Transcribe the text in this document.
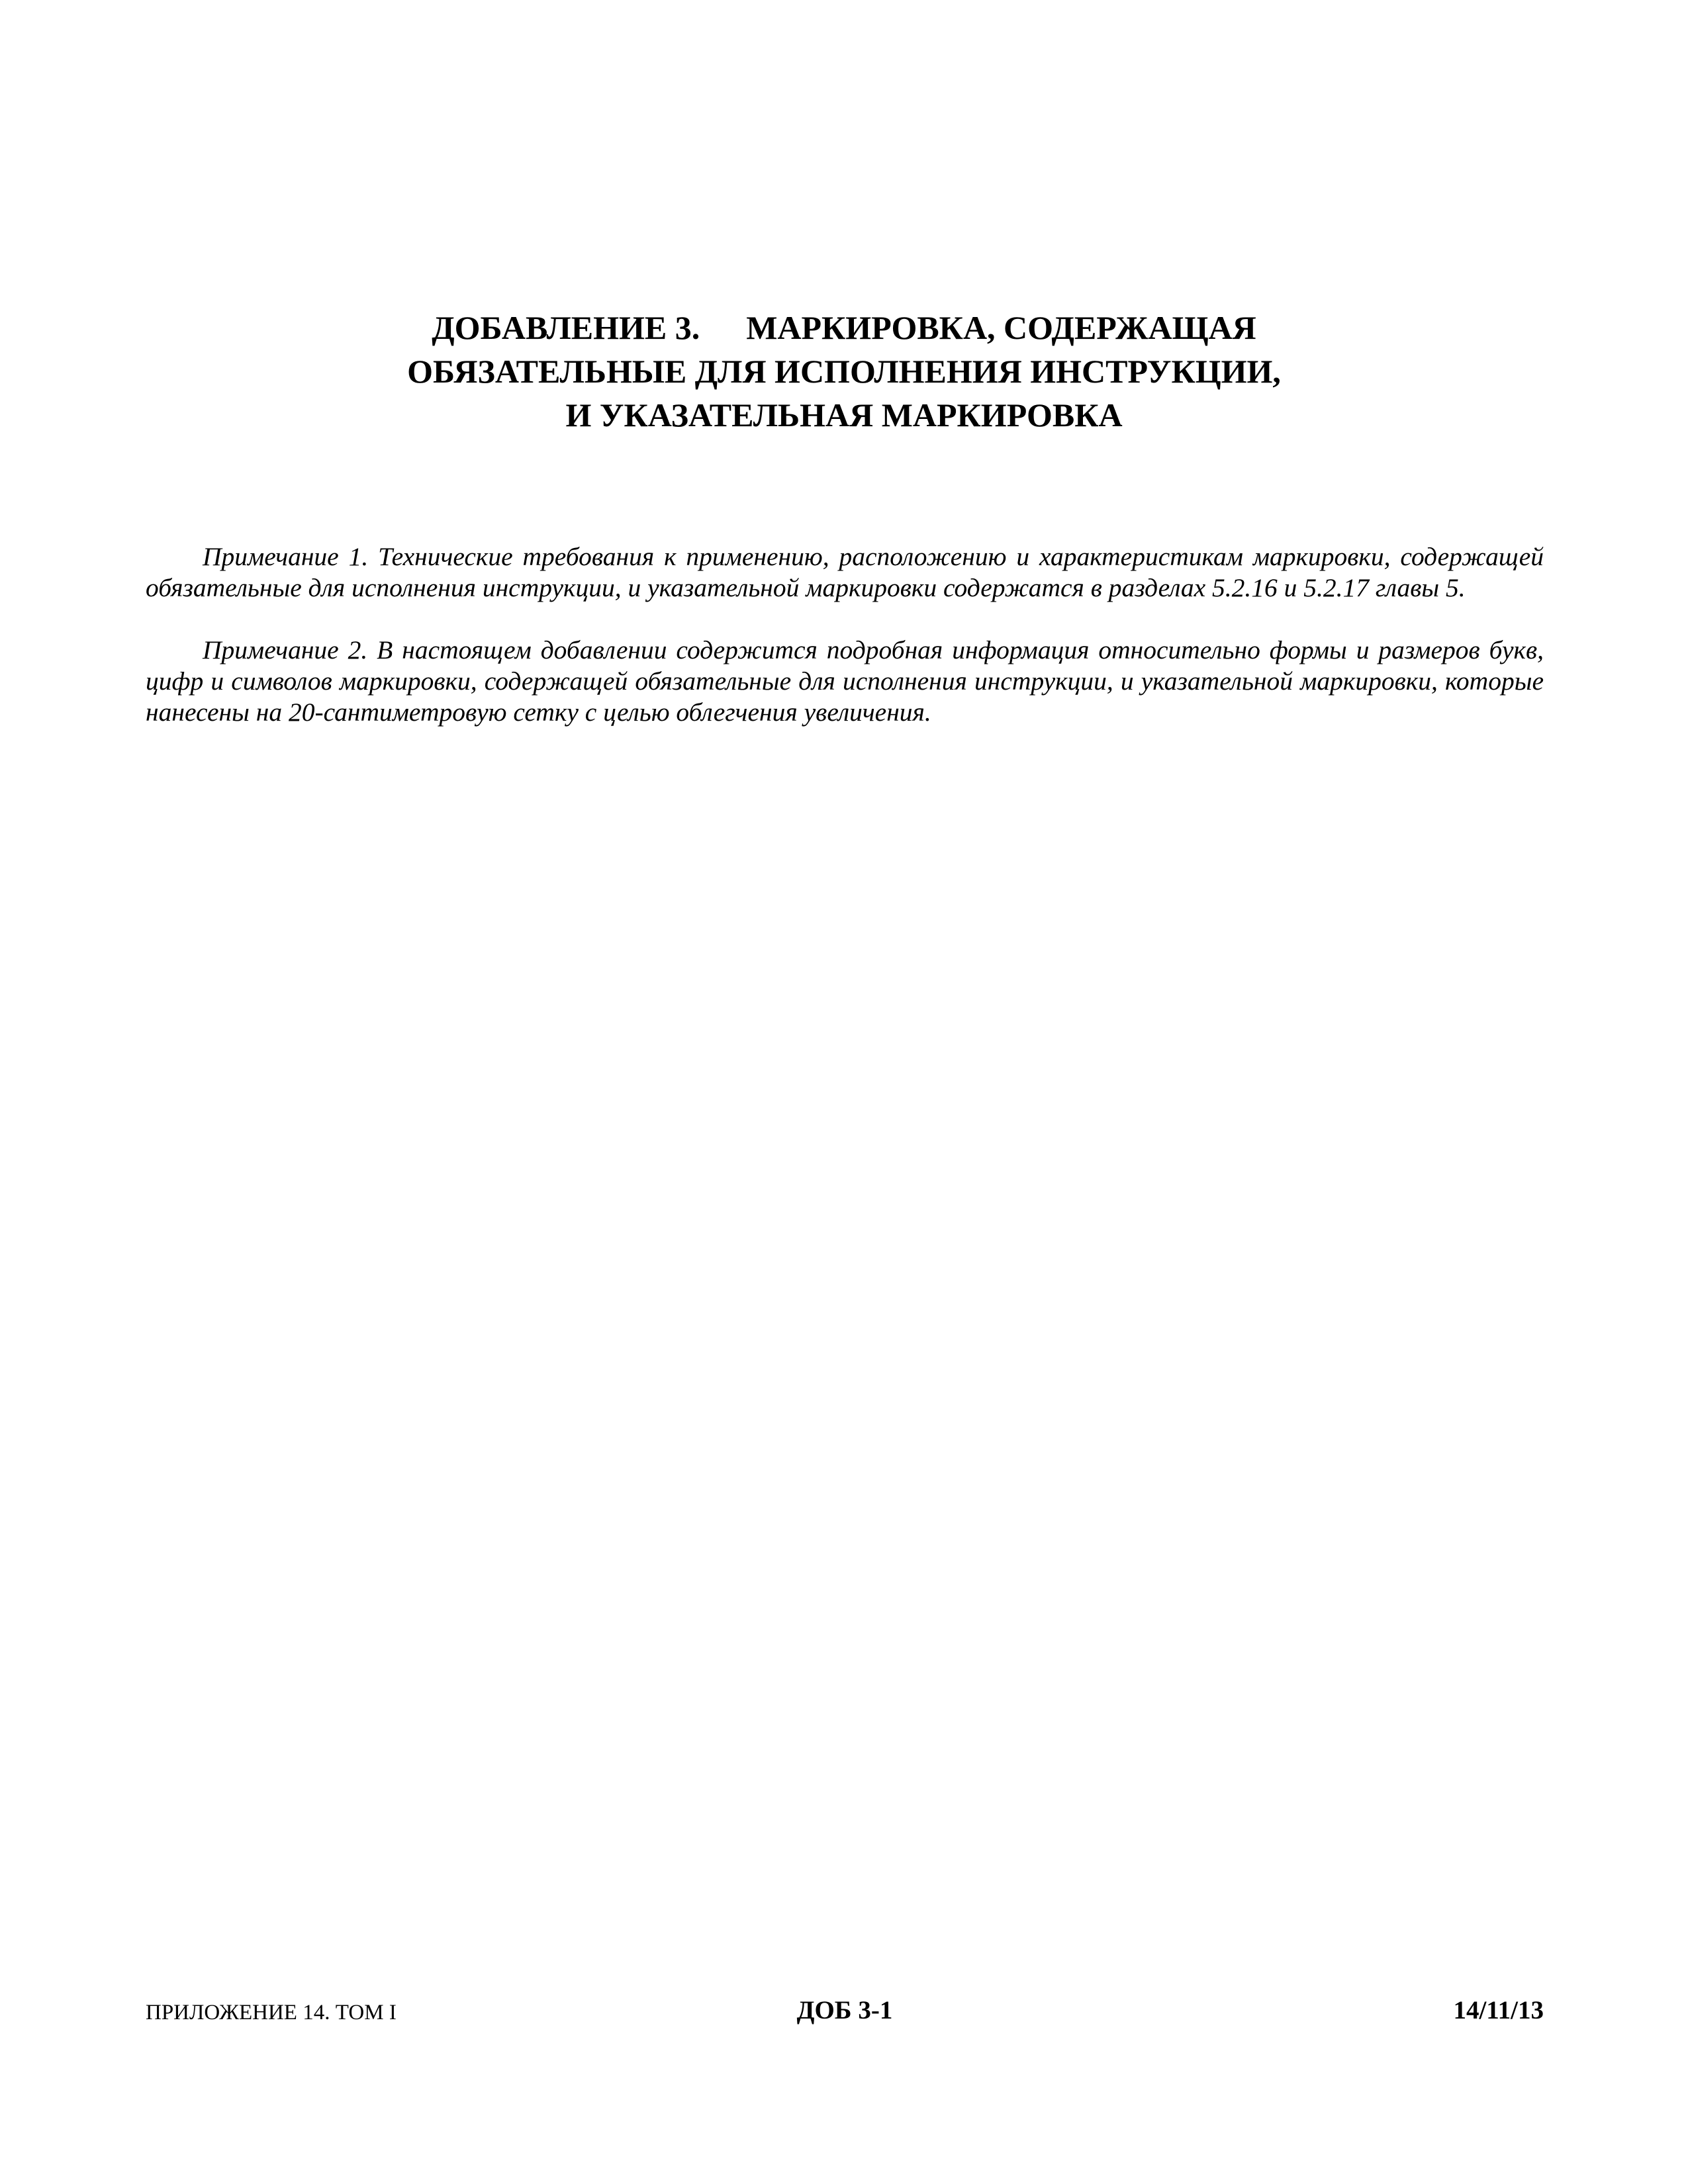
ДОБАВЛЕНИЕ 3. МАРКИРОВКА, СОДЕРЖАЩАЯ
ОБЯЗАТЕЛЬНЫЕ ДЛЯ ИСПОЛНЕНИЯ ИНСТРУКЦИИ,
И УКАЗАТЕЛЬНАЯ МАРКИРОВКА

Примечание 1. Технические требования к применению, расположению и характеристикам маркировки, содержащей обязательные для исполнения инструкции, и указательной маркировки содержатся в разделах 5.2.16 и 5.2.17 главы 5.

Примечание 2. В настоящем добавлении содержится подробная информация относительно формы и размеров букв, цифр и символов маркировки, содержащей обязательные для исполнения инструкции, и указательной маркировки, которые нанесены на 20-сантиметровую сетку с целью облегчения увеличения.

ПРИЛОЖЕНИЕ 14. ТОМ I	ДОБ 3-1	14/11/13
